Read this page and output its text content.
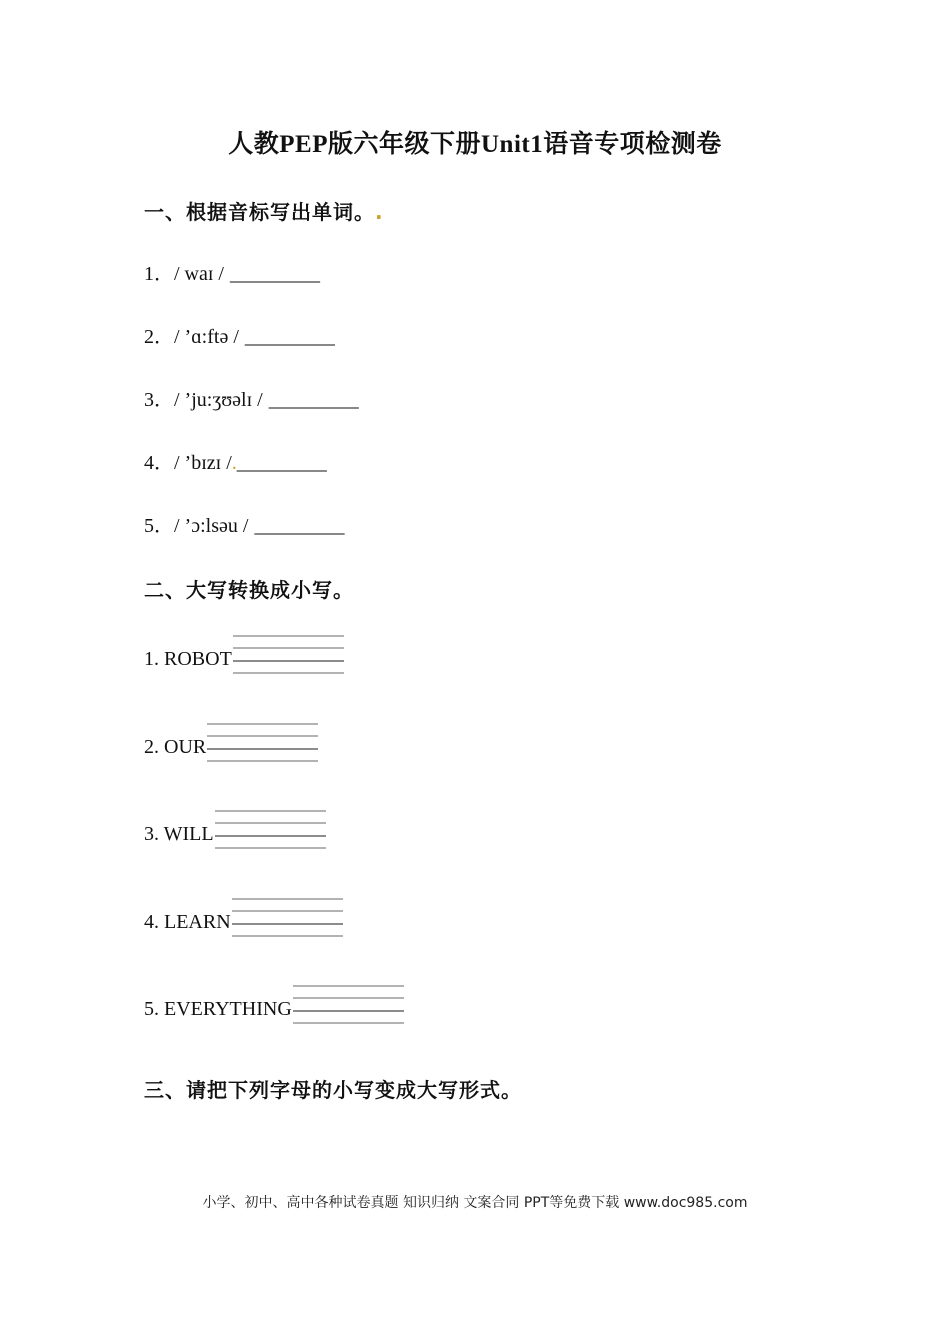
人教PEP版六年级下册Unit1语音专项检测卷
一、根据音标写出单词。.
1．/ waɪ / _________
2．/ ’ɑ:ftə / _________
3．/ ’ju:ʒʊəlɪ / _________
4．/ ’bɪzɪ /._________
5．/ ’ɔ:lsəu / _________
二、大写转换成小写。
1. ROBOT
2. OUR
3. WILL
4. LEARN
5. EVERYTHING
三、请把下列字母的小写变成大写形式。
小学、初中、高中各种试卷真题 知识归纳 文案合同 PPT等免费下载 www.doc985.com
